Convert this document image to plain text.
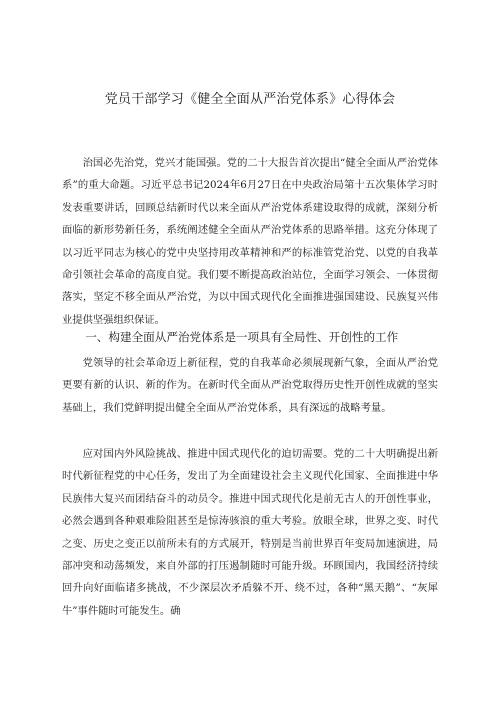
党员干部学习《健全全面从严治党体系》心得体会

治国必先治党，党兴才能国强。党的二十大报告首次提出“健全全面从严治党体系”的重大命题。习近平总书记2024年6月27日在中央政治局第十五次集体学习时发表重要讲话，回顾总结新时代以来全面从严治党体系建设取得的成就，深刻分析面临的新形势新任务，系统阐述健全全面从严治党体系的思路举措。这充分体现了以习近平同志为核心的党中央坚持用改革精神和严的标准管党治党、以党的自我革命引领社会革命的高度自觉。我们要不断提高政治站位，全面学习领会、一体贯彻落实，坚定不移全面从严治党，为以中国式现代化全面推进强国建设、民族复兴伟业提供坚强组织保证。

一、构建全面从严治党体系是一项具有全局性、开创性的工作

党领导的社会革命迈上新征程，党的自我革命必须展现新气象，全面从严治党更要有新的认识、新的作为。在新时代全面从严治党取得历史性开创性成就的坚实基础上，我们党鲜明提出健全全面从严治党体系，具有深远的战略考量。

应对国内外风险挑战、推进中国式现代化的迫切需要。党的二十大明确提出新时代新征程党的中心任务，发出了为全面建设社会主义现代化国家、全面推进中华民族伟大复兴而团结奋斗的动员令。推进中国式现代化是前无古人的开创性事业，必然会遇到各种艰难险阻甚至是惊涛骇浪的重大考验。放眼全球，世界之变、时代之变、历史之变正以前所未有的方式展开，特别是当前世界百年变局加速演进，局部冲突和动荡频发，来自外部的打压遏制随时可能升级。环顾国内，我国经济持续回升向好面临诸多挑战，不少深层次矛盾躲不开、绕不过，各种“黑天鹅”、“灰犀牛”事件随时可能发生。确
